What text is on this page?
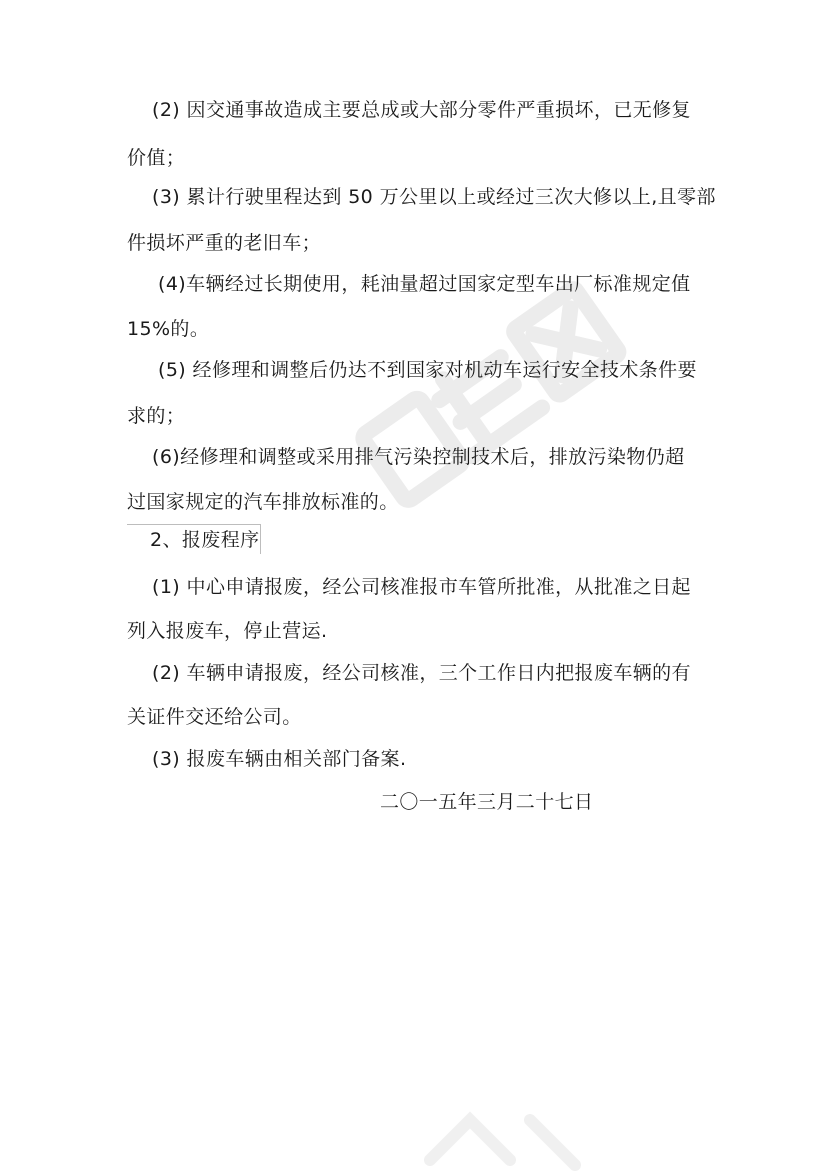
(2) 因交通事故造成主要总成或大部分零件严重损坏，已无修复
价值；
(3) 累计行驶里程达到 50 万公里以上或经过三次大修以上,且零部
件损坏严重的老旧车；
(4)车辆经过长期使用，耗油量超过国家定型车出厂标准规定值
15%的。
(5) 经修理和调整后仍达不到国家对机动车运行安全技术条件要
求的；
(6)经修理和调整或采用排气污染控制技术后，排放污染物仍超
过国家规定的汽车排放标准的。
2、报废程序
(1) 中心申请报废，经公司核准报市车管所批准，从批准之日起
列入报废车，停止营运.
(2) 车辆申请报废，经公司核准，三个工作日内把报废车辆的有
关证件交还给公司。
(3) 报废车辆由相关部门备案.
二〇一五年三月二十七日
